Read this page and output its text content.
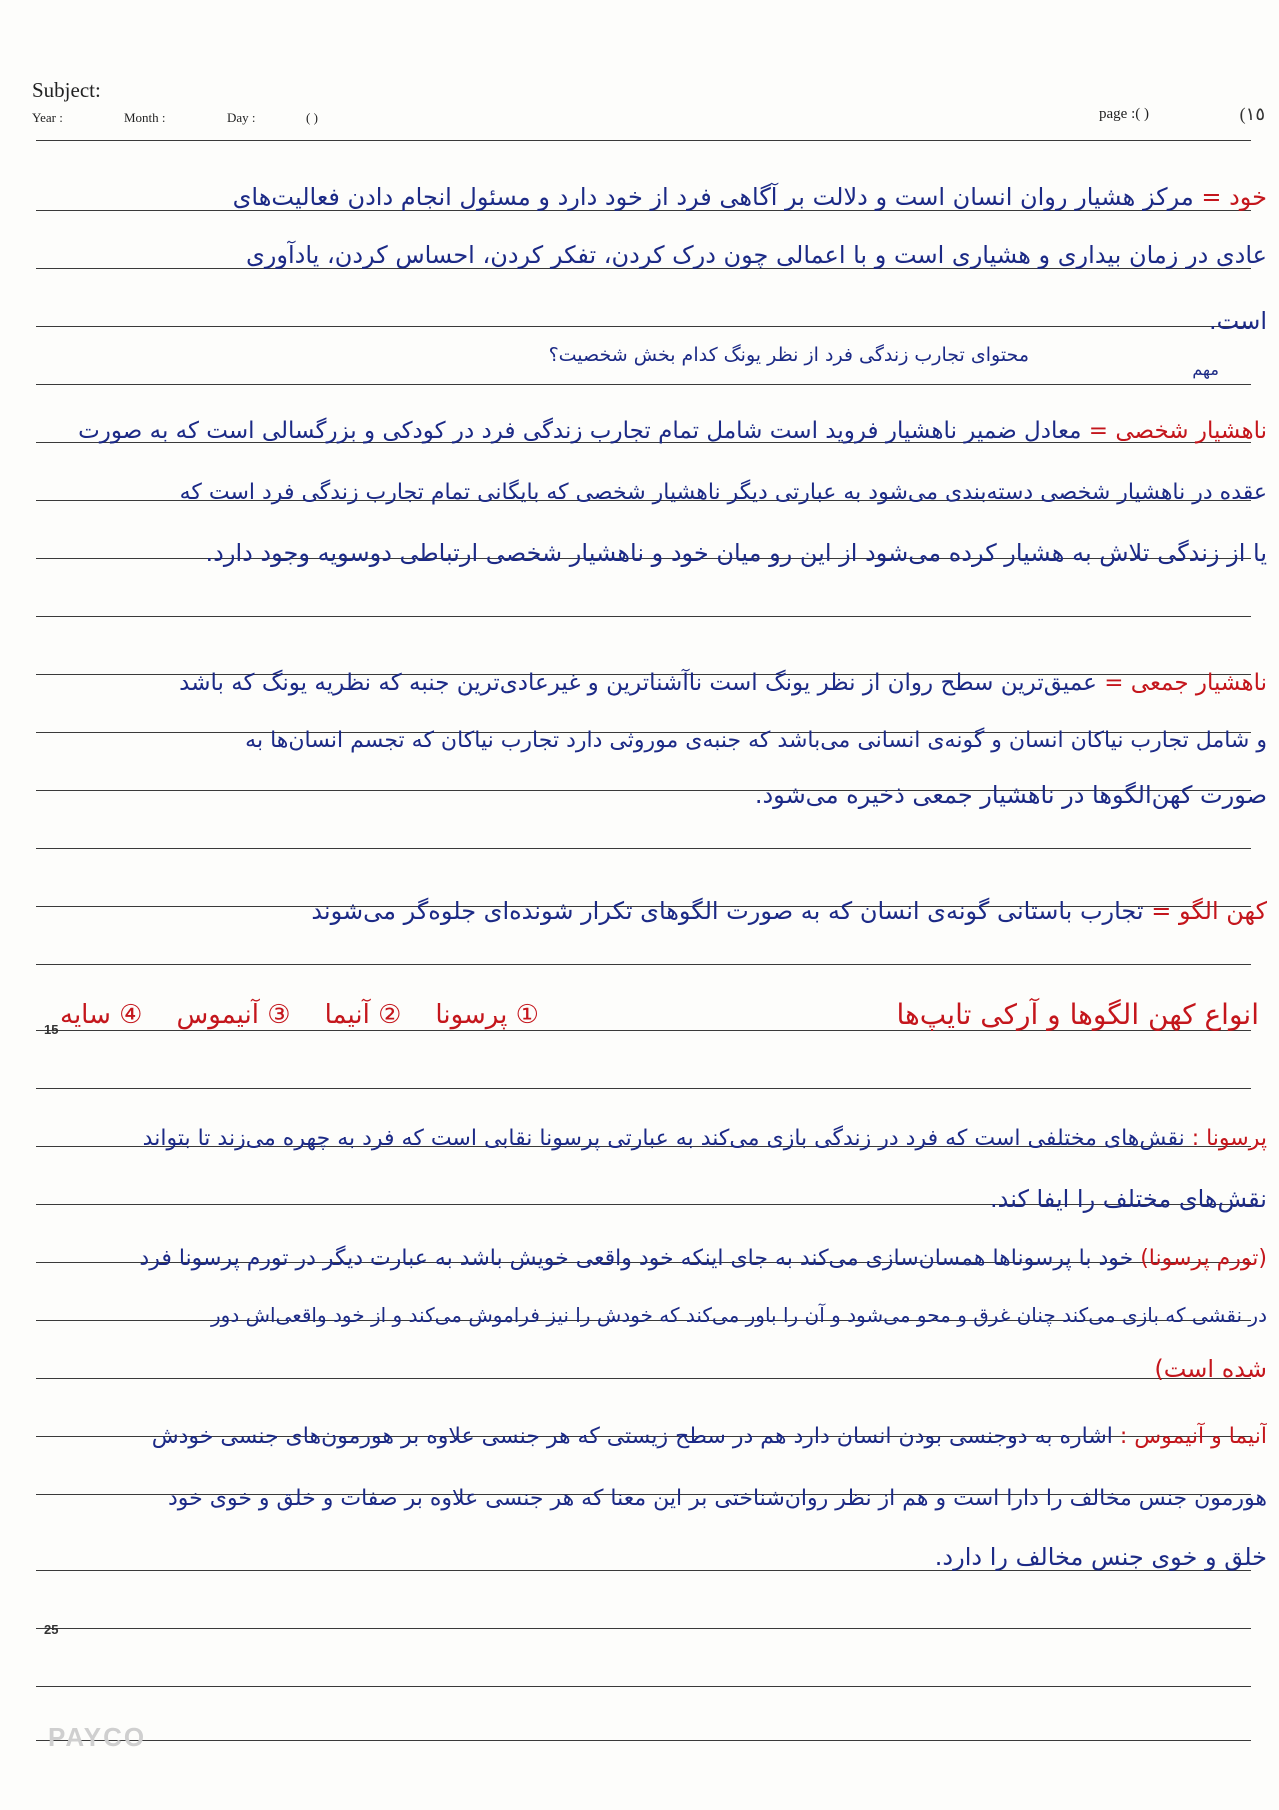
Subject:
Year :	Month :	Day :	( )	page :( )	(١٥
15
25
خود = مرکز هشیار روان انسان است و دلالت بر آگاهی فرد از خود دارد و مسئول انجام دادن فعالیت‌های
عادی در زمان بیداری و هشیاری است و با اعمالی چون درک کردن، تفکر کردن، احساس کردن، یادآوری
است.
محتوای تجارب زندگی فرد از نظر یونگ کدام بخش شخصیت؟
مهم
ناهشیار شخصی = معادل ضمیر ناهشیار فروید است شامل تمام تجارب زندگی فرد در کودکی و بزرگسالی است که به صورت
عقده در ناهشیار شخصی دسته‌بندی می‌شود به عبارتی دیگر ناهشیار شخصی که بایگانی تمام تجارب زندگی فرد است که
یا از زندگی تلاش به هشیار کرده می‌شود از این رو میان خود و ناهشیار شخصی ارتباطی دوسویه وجود دارد.
ناهشیار جمعی = عمیق‌ترین سطح روان از نظر یونگ است ناآشناترین و غیرعادی‌ترین جنبه که نظریه یونگ که باشد
و شامل تجارب نیاکان انسان و گونه‌ی انسانی می‌باشد که جنبه‌ی موروثی دارد تجارب نیاکان که تجسم انسان‌ها به
صورت کهن‌الگوها در ناهشیار جمعی ذخیره می‌شود.
کهن الگو = تجارب باستانی گونه‌ی انسان که به صورت الگوهای تکرار شونده‌ای جلوه‌گر می‌شوند
انواع کهن الگوها و آرکی تایپ‌ها
① پرسونا
② آنیما
③ آنیموس
④ سایه
پرسونا : نقش‌های مختلفی است که فرد در زندگی بازی می‌کند به عبارتی پرسونا نقابی است که فرد به چهره می‌زند تا بتواند
نقش‌های مختلف را ایفا کند.
(تورم پرسونا) خود با پرسوناها همسان‌سازی می‌کند به جای اینکه خود واقعی خویش باشد به عبارت دیگر در تورم پرسونا فرد
در نقشی که بازی می‌کند چنان غرق و محو می‌شود و آن را باور می‌کند که خودش را نیز فراموش می‌کند و از خود واقعی‌اش دور
شده است)
آنیما و آنیموس : اشاره به دوجنسی بودن انسان دارد هم در سطح زیستی که هر جنسی علاوه بر هورمون‌های جنسی خودش
هورمون جنس مخالف را دارا است و هم از نظر روان‌شناختی بر این معنا که هر جنسی علاوه بر صفات و خلق و خوی خود
خلق و خوی جنس مخالف را دارد.
PAYCO
